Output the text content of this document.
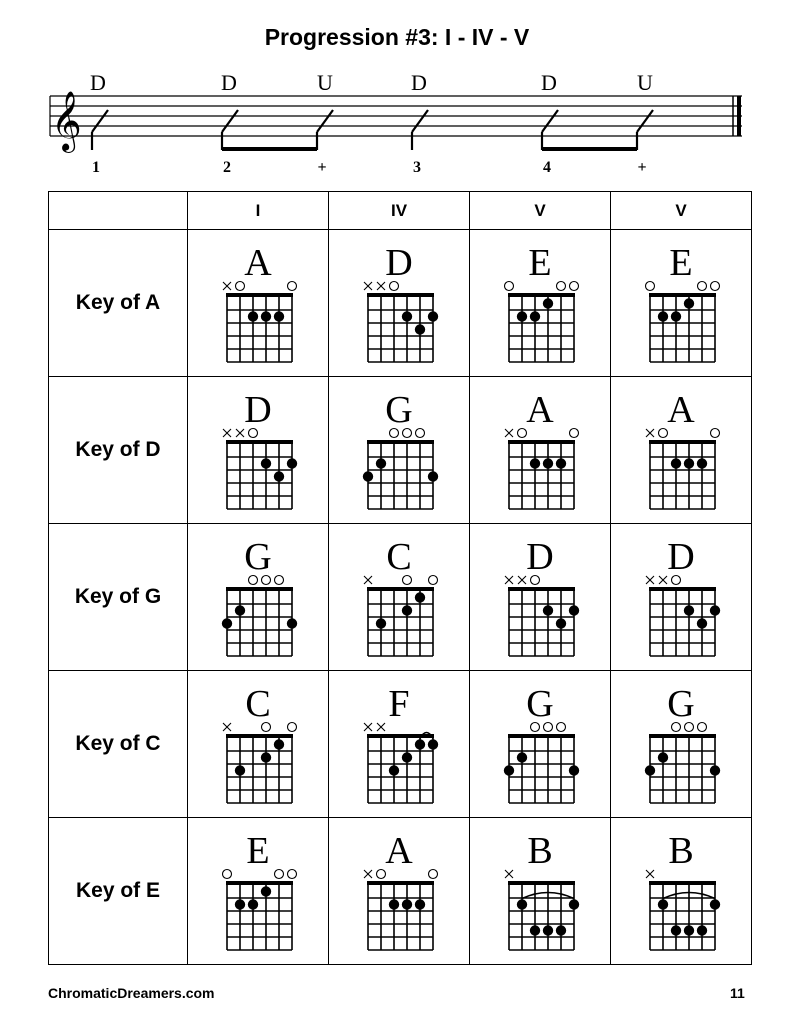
Progression #3: I - IV - V
𝄞
D	D	U	D	D	U
1	2	+	3	4	+
	I	IV	V	V
Key of A	A	D	E	E

Key of D	D	G	A	A

Key of G	G	C	D	D

Key of C	C	F	G	G

Key of E	E	A	B	B
ChromaticDreamers.com	11
